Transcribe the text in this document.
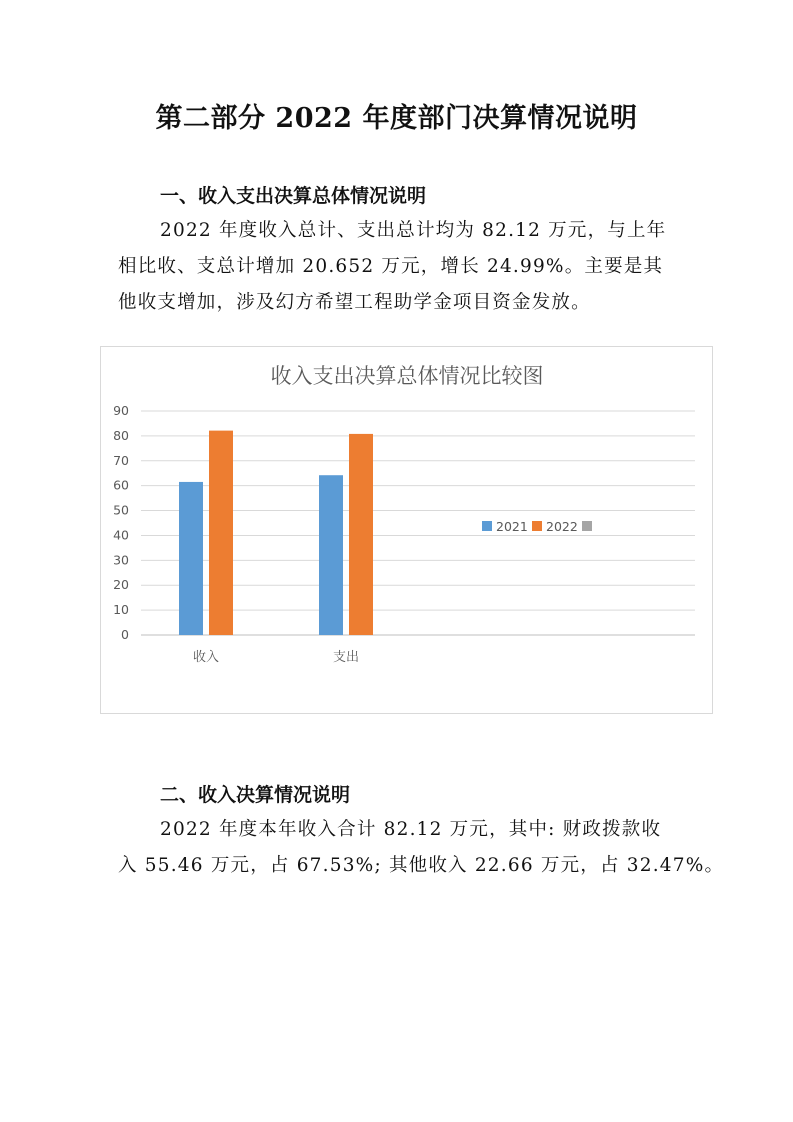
第二部分 2022 年度部门决算情况说明
一、收入支出决算总体情况说明
2022 年度收入总计、支出总计均为 82.12 万元，与上年
相比收、支总计增加 20.652 万元，增长 24.99%。主要是其
他收支增加，涉及幻方希望工程助学金项目资金发放。
收入支出决算总体情况比较图
0
10
20
30
40
50
60
70
80
90
收入	支出
2021 2022
二、收入决算情况说明
2022 年度本年收入合计 82.12 万元，其中: 财政拨款收
入 55.46 万元，占 67.53%; 其他收入 22.66 万元，占 32.47%。
